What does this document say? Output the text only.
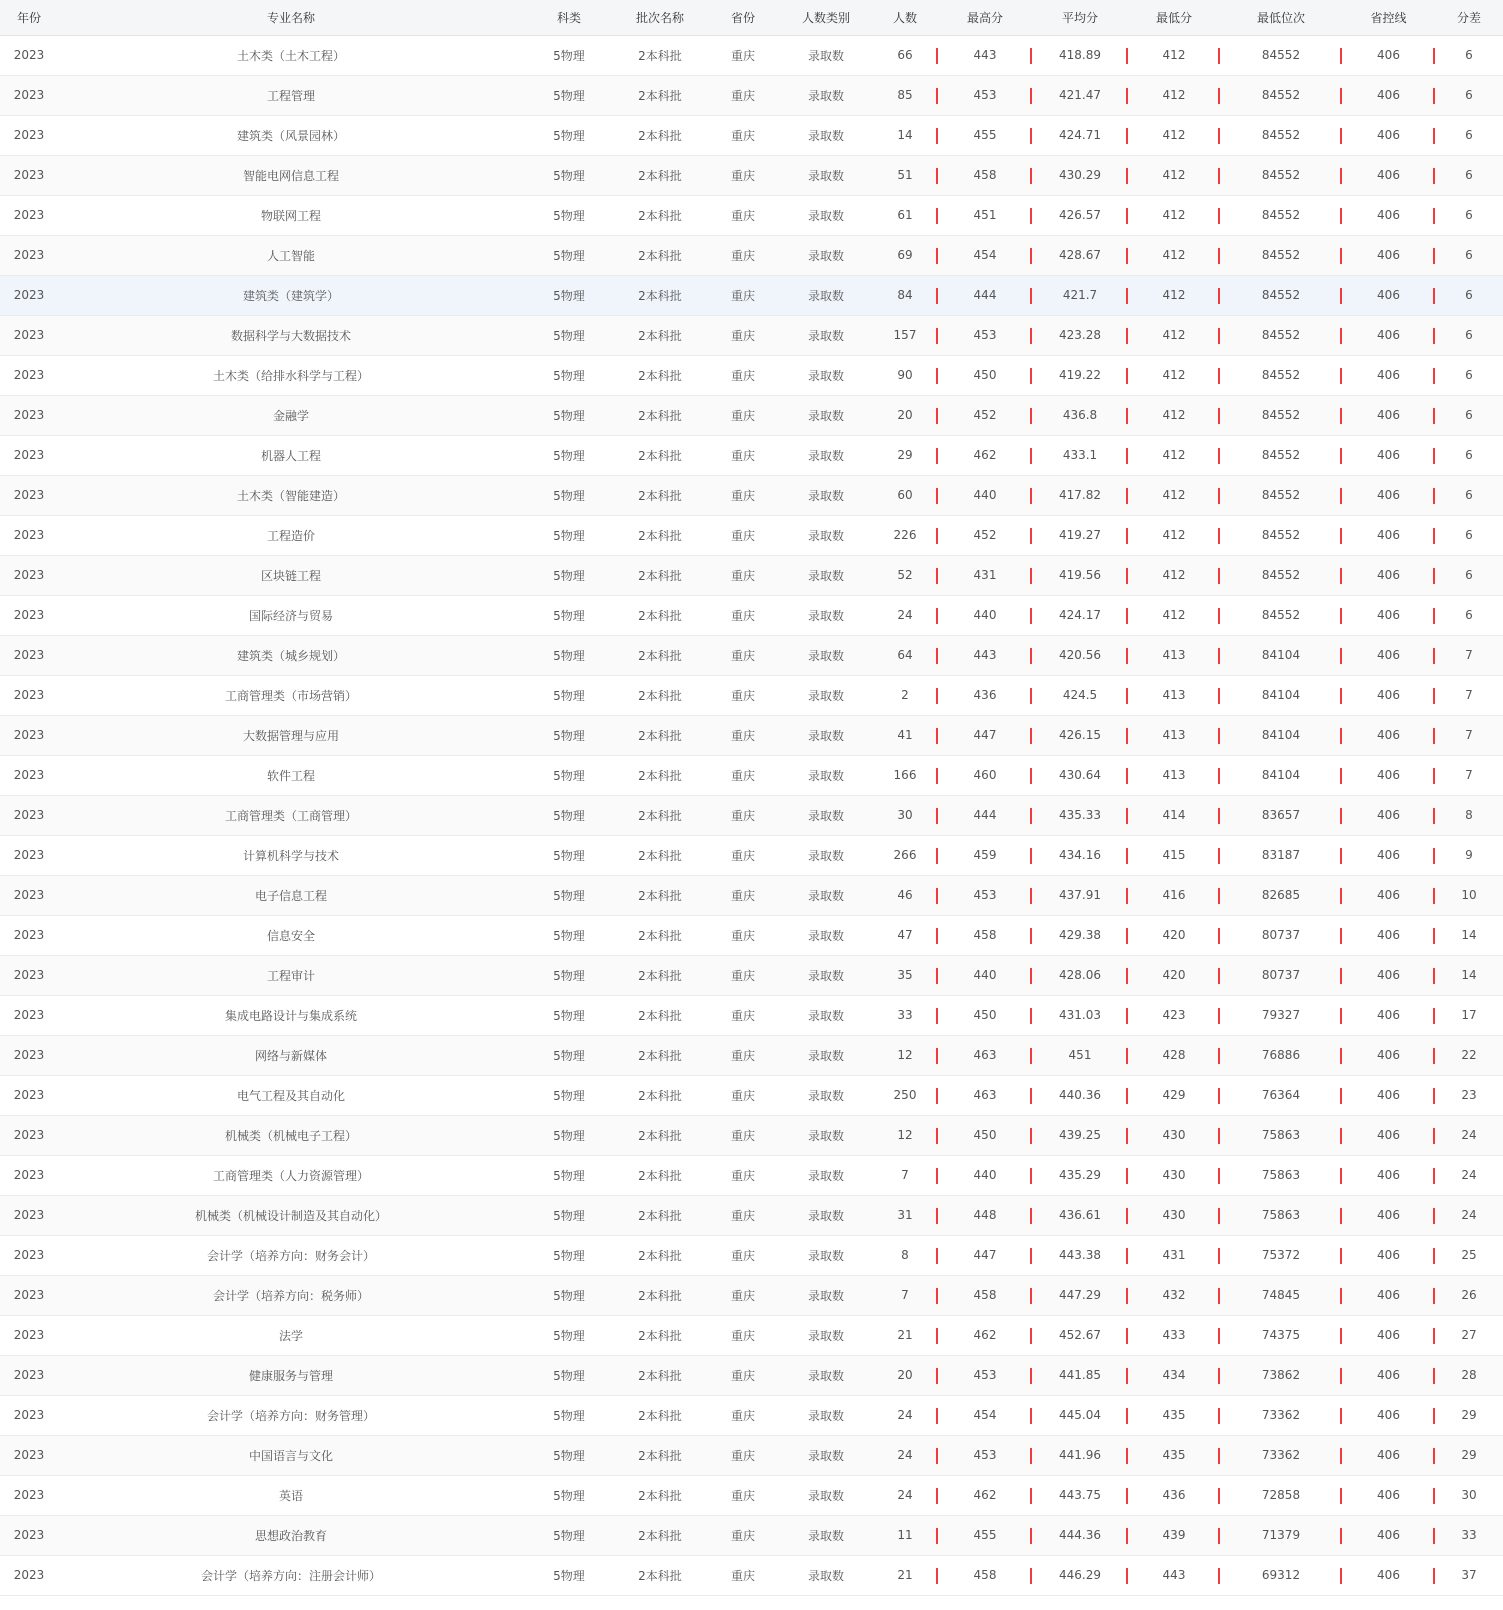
年份	专业名称	科类	批次名称	省份	人数类别	人数	最高分	平均分	最低分	最低位次	省控线	分差
2023	土木类（土木工程）	5物理	2本科批	重庆	录取数	66	443	418.89	412	84552	406	6
2023	工程管理	5物理	2本科批	重庆	录取数	85	453	421.47	412	84552	406	6
2023	建筑类（风景园林）	5物理	2本科批	重庆	录取数	14	455	424.71	412	84552	406	6
2023	智能电网信息工程	5物理	2本科批	重庆	录取数	51	458	430.29	412	84552	406	6
2023	物联网工程	5物理	2本科批	重庆	录取数	61	451	426.57	412	84552	406	6
2023	人工智能	5物理	2本科批	重庆	录取数	69	454	428.67	412	84552	406	6
2023	建筑类（建筑学）	5物理	2本科批	重庆	录取数	84	444	421.7	412	84552	406	6
2023	数据科学与大数据技术	5物理	2本科批	重庆	录取数	157	453	423.28	412	84552	406	6
2023	土木类（给排水科学与工程）	5物理	2本科批	重庆	录取数	90	450	419.22	412	84552	406	6
2023	金融学	5物理	2本科批	重庆	录取数	20	452	436.8	412	84552	406	6
2023	机器人工程	5物理	2本科批	重庆	录取数	29	462	433.1	412	84552	406	6
2023	土木类（智能建造）	5物理	2本科批	重庆	录取数	60	440	417.82	412	84552	406	6
2023	工程造价	5物理	2本科批	重庆	录取数	226	452	419.27	412	84552	406	6
2023	区块链工程	5物理	2本科批	重庆	录取数	52	431	419.56	412	84552	406	6
2023	国际经济与贸易	5物理	2本科批	重庆	录取数	24	440	424.17	412	84552	406	6
2023	建筑类（城乡规划）	5物理	2本科批	重庆	录取数	64	443	420.56	413	84104	406	7
2023	工商管理类（市场营销）	5物理	2本科批	重庆	录取数	2	436	424.5	413	84104	406	7
2023	大数据管理与应用	5物理	2本科批	重庆	录取数	41	447	426.15	413	84104	406	7
2023	软件工程	5物理	2本科批	重庆	录取数	166	460	430.64	413	84104	406	7
2023	工商管理类（工商管理）	5物理	2本科批	重庆	录取数	30	444	435.33	414	83657	406	8
2023	计算机科学与技术	5物理	2本科批	重庆	录取数	266	459	434.16	415	83187	406	9
2023	电子信息工程	5物理	2本科批	重庆	录取数	46	453	437.91	416	82685	406	10
2023	信息安全	5物理	2本科批	重庆	录取数	47	458	429.38	420	80737	406	14
2023	工程审计	5物理	2本科批	重庆	录取数	35	440	428.06	420	80737	406	14
2023	集成电路设计与集成系统	5物理	2本科批	重庆	录取数	33	450	431.03	423	79327	406	17
2023	网络与新媒体	5物理	2本科批	重庆	录取数	12	463	451	428	76886	406	22
2023	电气工程及其自动化	5物理	2本科批	重庆	录取数	250	463	440.36	429	76364	406	23
2023	机械类（机械电子工程）	5物理	2本科批	重庆	录取数	12	450	439.25	430	75863	406	24
2023	工商管理类（人力资源管理）	5物理	2本科批	重庆	录取数	7	440	435.29	430	75863	406	24
2023	机械类（机械设计制造及其自动化）	5物理	2本科批	重庆	录取数	31	448	436.61	430	75863	406	24
2023	会计学（培养方向：财务会计）	5物理	2本科批	重庆	录取数	8	447	443.38	431	75372	406	25
2023	会计学（培养方向：税务师）	5物理	2本科批	重庆	录取数	7	458	447.29	432	74845	406	26
2023	法学	5物理	2本科批	重庆	录取数	21	462	452.67	433	74375	406	27
2023	健康服务与管理	5物理	2本科批	重庆	录取数	20	453	441.85	434	73862	406	28
2023	会计学（培养方向：财务管理）	5物理	2本科批	重庆	录取数	24	454	445.04	435	73362	406	29
2023	中国语言与文化	5物理	2本科批	重庆	录取数	24	453	441.96	435	73362	406	29
2023	英语	5物理	2本科批	重庆	录取数	24	462	443.75	436	72858	406	30
2023	思想政治教育	5物理	2本科批	重庆	录取数	11	455	444.36	439	71379	406	33
2023	会计学（培养方向：注册会计师）	5物理	2本科批	重庆	录取数	21	458	446.29	443	69312	406	37
